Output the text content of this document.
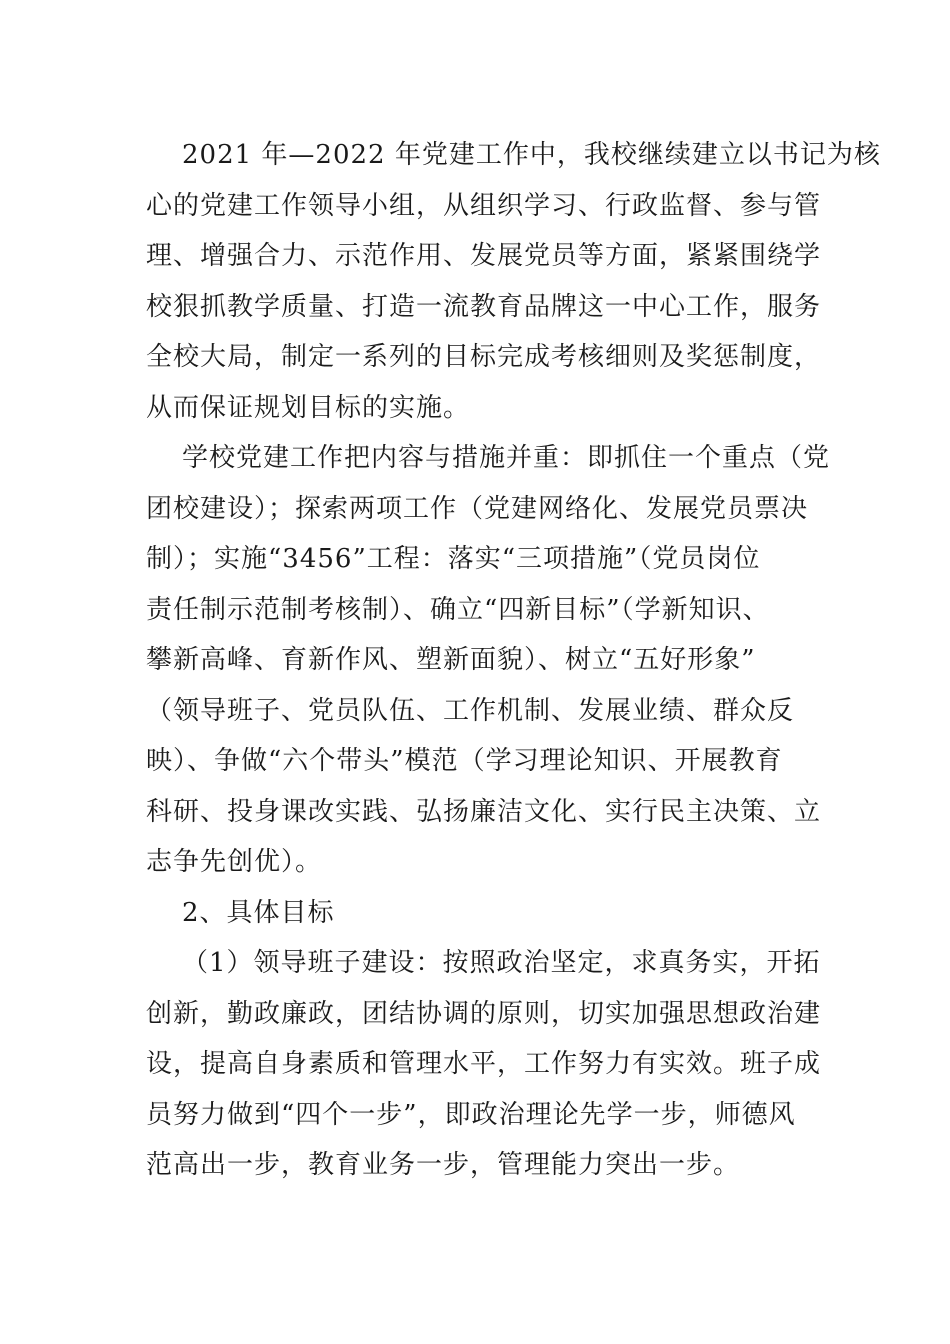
2021 年—2022 年党建工作中，我校继续建立以书记为核
心的党建工作领导小组，从组织学习、行政监督、参与管
理、增强合力、示范作用、发展党员等方面，紧紧围绕学
校狠抓教学质量、打造一流教育品牌这一中心工作，服务
全校大局，制定一系列的目标完成考核细则及奖惩制度，
从而保证规划目标的实施。
学校党建工作把内容与措施并重：即抓住一个重点（党
团校建设）；探索两项工作（党建网络化、发展党员票决
制）；实施“3456”工程：落实“三项措施”（党员岗位
责任制示范制考核制）、确立“四新目标”（学新知识、
攀新高峰、育新作风、塑新面貌）、树立“五好形象”
（领导班子、党员队伍、工作机制、发展业绩、群众反
映）、争做“六个带头”模范（学习理论知识、开展教育
科研、投身课改实践、弘扬廉洁文化、实行民主决策、立
志争先创优）。
2、具体目标
（1）领导班子建设：按照政治坚定，求真务实，开拓
创新，勤政廉政，团结协调的原则，切实加强思想政治建
设，提高自身素质和管理水平，工作努力有实效。班子成
员努力做到“四个一步”，即政治理论先学一步，师德风
范高出一步，教育业务一步，管理能力突出一步。
